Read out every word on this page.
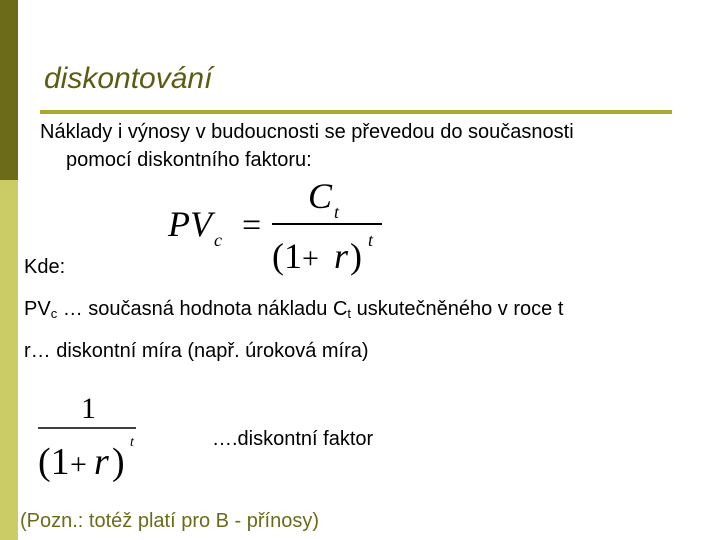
diskontování
Náklady i výnosy v budoucnosti se převedou do současnosti
pomocí diskontního faktoru:
PV c =
C t
(1 + r ) t
Kde:
$PV_c$ … současná hodnota nákladu $C_t$ uskutečněného v roce t
r… diskontní míra (např. úroková míra)
1
(1 + r ) t	….diskontní faktor
(Pozn.: totéž platí pro B - přínosy)
